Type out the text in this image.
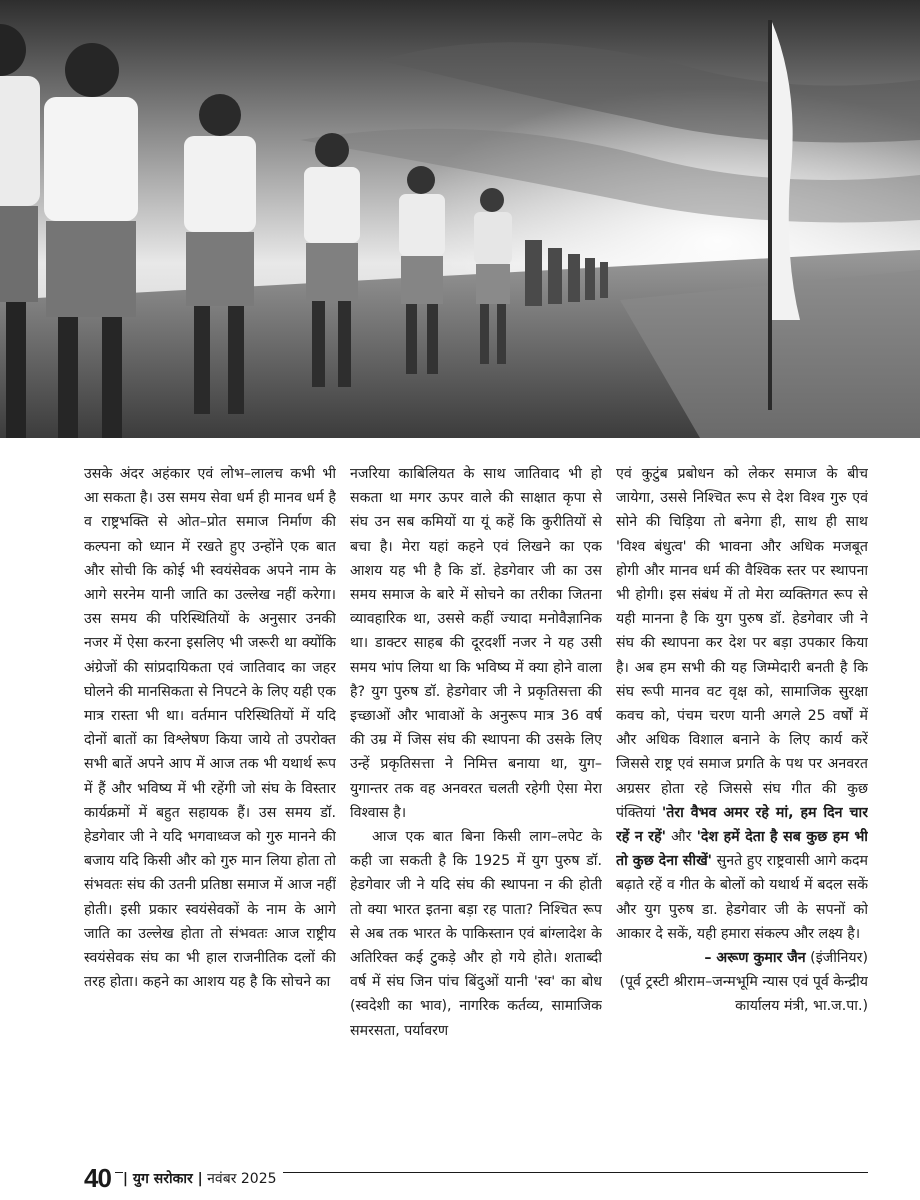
उसके अंदर अहंकार एवं लोभ–लालच कभी भी आ सकता है। उस समय सेवा धर्म ही मानव धर्म है व राष्ट्रभक्ति से ओत–प्रोत समाज निर्माण की कल्पना को ध्यान में रखते हुए उन्होंने एक बात और सोची कि कोई भी स्वयंसेवक अपने नाम के आगे सरनेम यानी जाति का उल्लेख नहीं करेगा। उस समय की परिस्थितियों के अनुसार उनकी नजर में ऐसा करना इसलिए भी जरूरी था क्योंकि अंग्रेजों की सांप्रदायिकता एवं जातिवाद का जहर घोलने की मानसिकता से निपटने के लिए यही एक मात्र रास्ता भी था। वर्तमान परिस्थितियों में यदि दोनों बातों का विश्लेषण किया जाये तो उपरोक्त सभी बातें अपने आप में आज तक भी यथार्थ रूप में हैं और भविष्य में भी रहेंगी जो संघ के विस्तार कार्यक्रमों में बहुत सहायक हैं। उस समय डॉ. हेडगेवार जी ने यदि भगवाध्वज को गुरु मानने की बजाय यदि किसी और को गुरु मान लिया होता तो संभवतः संघ की उतनी प्रतिष्ठा समाज में आज नहीं होती। इसी प्रकार स्वयंसेवकों के नाम के आगे जाति का उल्लेख होता तो संभवतः आज राष्ट्रीय स्वयंसेवक संघ का भी हाल राजनीतिक दलों की तरह होता। कहने का आशय यह है कि सोचने का

नजरिया काबिलियत के साथ जातिवाद भी हो सकता था मगर ऊपर वाले की साक्षात कृपा से संघ उन सब कमियों या यूं कहें कि कुरीतियों से बचा है। मेरा यहां कहने एवं लिखने का एक आशय यह भी है कि डॉ. हेडगेवार जी का उस समय समाज के बारे में सोचने का तरीका जितना व्यावहारिक था, उससे कहीं ज्यादा मनोवैज्ञानिक था। डाक्टर साहब की दूरदर्शी नजर ने यह उसी समय भांप लिया था कि भविष्य में क्या होने वाला है? युग पुरुष डॉ. हेडगेवार जी ने प्रकृतिसत्ता की इच्छाओं और भावाओं के अनुरूप मात्र 36 वर्ष की उम्र में जिस संघ की स्थापना की उसके लिए उन्हें प्रकृतिसत्ता ने निमित्त बनाया था, युग–युगान्तर तक वह अनवरत चलती रहेगी ऐसा मेरा विश्वास है।

आज एक बात बिना किसी लाग–लपेट के कही जा सकती है कि 1925 में युग पुरुष डॉ. हेडगेवार जी ने यदि संघ की स्थापना न की होती तो क्या भारत इतना बड़ा रह पाता? निश्चित रूप से अब तक भारत के पाकिस्तान एवं बांग्लादेश के अतिरिक्त कई टुकड़े और हो गये होते। शताब्दी वर्ष में संघ जिन पांच बिंदुओं यानी 'स्व' का बोध (स्वदेशी का भाव), नागरिक कर्तव्य, सामाजिक समरसता, पर्यावरण

एवं कुटुंब प्रबोधन को लेकर समाज के बीच जायेगा, उससे निश्चित रूप से देश विश्व गुरु एवं सोने की चिड़िया तो बनेगा ही, साथ ही साथ 'विश्व बंधुत्व' की भावना और अधिक मजबूत होगी और मानव धर्म की वैश्विक स्तर पर स्थापना भी होगी। इस संबंध में तो मेरा व्यक्तिगत रूप से यही मानना है कि युग पुरुष डॉ. हेडगेवार जी ने संघ की स्थापना कर देश पर बड़ा उपकार किया है। अब हम सभी की यह जिम्मेदारी बनती है कि संघ रूपी मानव वट वृक्ष को, सामाजिक सुरक्षा कवच को, पंचम चरण यानी अगले 25 वर्षों में और अधिक विशाल बनाने के लिए कार्य करें जिससे राष्ट्र एवं समाज प्रगति के पथ पर अनवरत अग्रसर होता रहे जिससे संघ गीत की कुछ पंक्तियां 'तेरा वैभव अमर रहे मां, हम दिन चार रहें न रहें' और 'देश हमें देता है सब कुछ हम भी तो कुछ देना सीखें' सुनते हुए राष्ट्रवासी आगे कदम बढ़ाते रहें व गीत के बोलों को यथार्थ में बदल सकें और युग पुरुष डा. हेडगेवार जी के सपनों को आकार दे सकें, यही हमारा संकल्प और लक्ष्य है।

– अरूण कुमार जैन (इंजीनियर)

(पूर्व ट्रस्टी श्रीराम–जन्मभूमि न्यास एवं पूर्व केन्द्रीय कार्यालय मंत्री, भा.ज.पा.)

40 | युग सरोकार | नवंबर 2025
